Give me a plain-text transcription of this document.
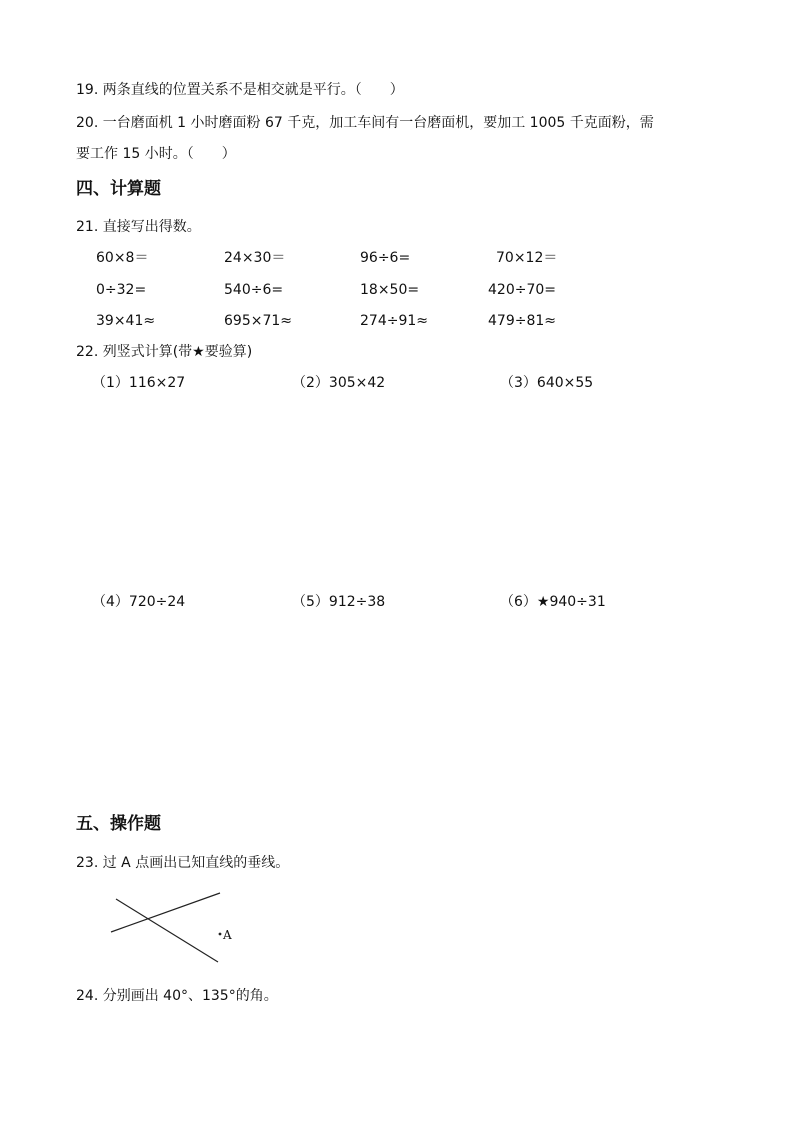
19. 两条直线的位置关系不是相交就是平行。（　　）
20. 一台磨面机 1 小时磨面粉 67 千克，加工车间有一台磨面机，要加工 1005 千克面粉，需
要工作 15 小时。（　　）
四、计算题
21. 直接写出得数。
60×8＝	24×30＝	96÷6=	70×12＝
0÷32=	540÷6=	18×50=	420÷70=
39×41≈	695×71≈	274÷91≈	479÷81≈
22. 列竖式计算(带★要验算)
（1）116×27	（2）305×42	（3）640×55
（4）720÷24	（5）912÷38	（6）★940÷31
五、操作题
23. 过 A 点画出已知直线的垂线。
A
24. 分别画出 40°、135°的角。
